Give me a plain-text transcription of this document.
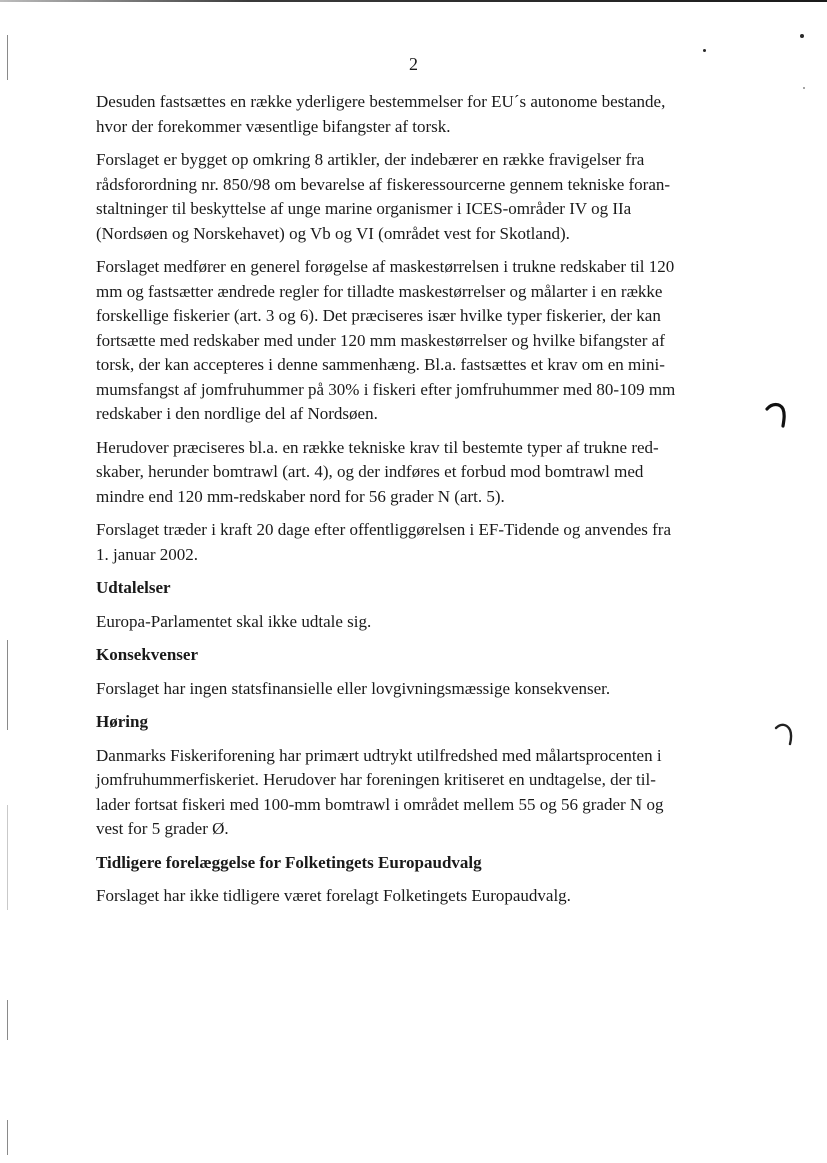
2

Desuden fastsættes en række yderligere bestemmelser for EU´s autonome bestande,
hvor der forekommer væsentlige bifangster af torsk.

Forslaget er bygget op omkring 8 artikler, der indebærer en række fravigelser fra
rådsforordning nr. 850/98 om bevarelse af fiskeressourcerne gennem tekniske foran-
staltninger til beskyttelse af unge marine organismer i ICES-områder IV og IIa
(Nordsøen og Norskehavet) og Vb og VI (området vest for Skotland).

Forslaget medfører en generel forøgelse af maskestørrelsen i trukne redskaber til 120
mm og fastsætter ændrede regler for tilladte maskestørrelser og målarter i en række
forskellige fiskerier (art. 3 og 6). Det præciseres især hvilke typer fiskerier, der kan
fortsætte med redskaber med under 120 mm maskestørrelser og hvilke bifangster af
torsk, der kan accepteres i denne sammenhæng. Bl.a. fastsættes et krav om en mini-
mumsfangst af jomfruhummer på 30% i fiskeri efter jomfruhummer med 80-109 mm
redskaber i den nordlige del af Nordsøen.

Herudover præciseres bl.a. en række tekniske krav til bestemte typer af trukne red-
skaber, herunder bomtrawl (art. 4), og der indføres et forbud mod bomtrawl med
mindre end 120 mm-redskaber nord for 56 grader N (art. 5).

Forslaget træder i kraft 20 dage efter offentliggørelsen i EF-Tidende og anvendes fra
1. januar 2002.

Udtalelser

Europa-Parlamentet skal ikke udtale sig.

Konsekvenser

Forslaget har ingen statsfinansielle eller lovgivningsmæssige konsekvenser.

Høring

Danmarks Fiskeriforening har primært udtrykt utilfredshed med målartsprocenten i
jomfruhummerfiskeriet. Herudover har foreningen kritiseret en undtagelse, der til-
lader fortsat fiskeri med 100-mm bomtrawl i området mellem 55 og 56 grader N og
vest for 5 grader Ø.

Tidligere forelæggelse for Folketingets Europaudvalg

Forslaget har ikke tidligere været forelagt Folketingets Europaudvalg.
